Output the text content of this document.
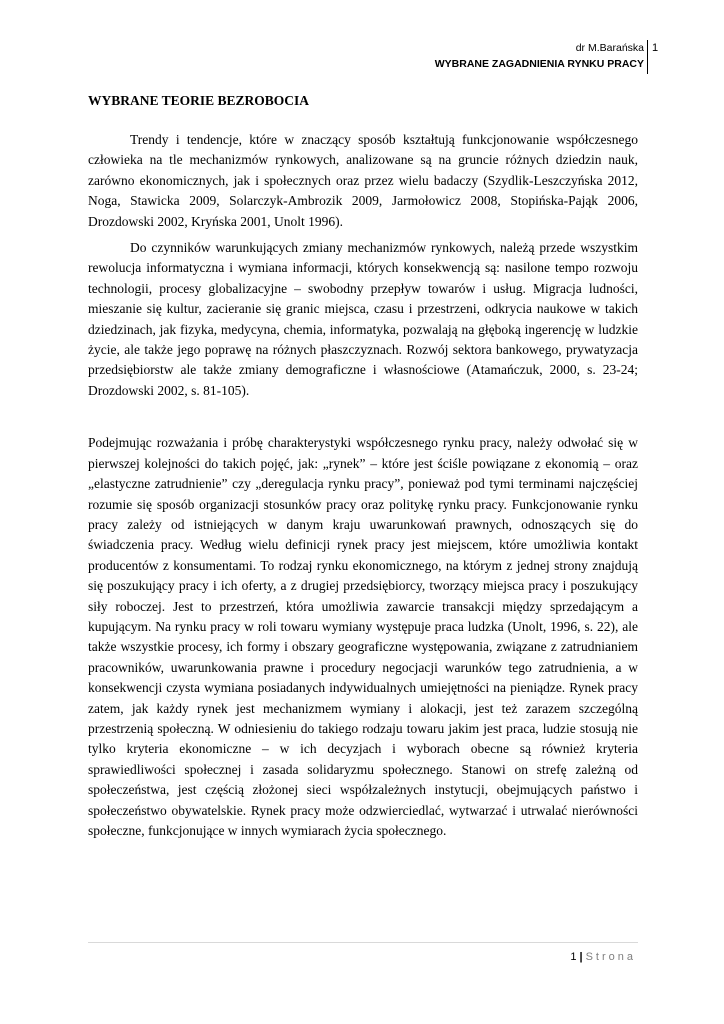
dr M.Barańska
WYBRANE ZAGADNIENIA RYNKU PRACY
1
WYBRANE TEORIE BEZROBOCIA

Trendy i tendencje, które w znaczący sposób kształtują funkcjonowanie współczesnego człowieka na tle mechanizmów rynkowych, analizowane są na gruncie różnych dziedzin nauk, zarówno ekonomicznych, jak i społecznych oraz przez wielu badaczy (Szydlik-Leszczyńska 2012, Noga, Stawicka 2009, Solarczyk-Ambrozik 2009, Jarmołowicz 2008, Stopińska-Pająk 2006, Drozdowski 2002, Kryńska 2001, Unolt 1996).

Do czynników warunkujących zmiany mechanizmów rynkowych, należą przede wszystkim rewolucja informatyczna i wymiana informacji, których konsekwencją są: nasilone tempo rozwoju technologii, procesy globalizacyjne – swobodny przepływ towarów i usług. Migracja ludności, mieszanie się kultur, zacieranie się granic miejsca, czasu i przestrzeni, odkrycia naukowe w takich dziedzinach, jak fizyka, medycyna, chemia, informatyka, pozwalają na głęboką ingerencję w ludzkie życie, ale także jego poprawę na różnych płaszczyznach. Rozwój sektora bankowego, prywatyzacja przedsiębiorstw ale także zmiany demograficzne i własnościowe (Atamańczuk, 2000, s. 23-24; Drozdowski 2002, s. 81-105).

Podejmując rozważania i próbę charakterystyki współczesnego rynku pracy, należy odwołać się w pierwszej kolejności do takich pojęć, jak: „rynek” – które jest ściśle powiązane z ekonomią – oraz „elastyczne zatrudnienie” czy „deregulacja rynku pracy”, ponieważ pod tymi terminami najczęściej rozumie się sposób organizacji stosunków pracy oraz politykę rynku pracy. Funkcjonowanie rynku pracy zależy od istniejących w danym kraju uwarunkowań prawnych, odnoszących się do świadczenia pracy. Według wielu definicji rynek pracy jest miejscem, które umożliwia kontakt producentów z konsumentami. To rodzaj rynku ekonomicznego, na którym z jednej strony znajdują się poszukujący pracy i ich oferty, a z drugiej przedsiębiorcy, tworzący miejsca pracy i poszukujący siły roboczej. Jest to przestrzeń, która umożliwia zawarcie transakcji między sprzedającym a kupującym. Na rynku pracy w roli towaru wymiany występuje praca ludzka (Unolt, 1996, s. 22), ale także wszystkie procesy, ich formy i obszary geograficzne występowania, związane z zatrudnianiem pracowników, uwarunkowania prawne i procedury negocjacji warunków tego zatrudnienia, a w konsekwencji czysta wymiana posiadanych indywidualnych umiejętności na pieniądze. Rynek pracy zatem, jak każdy rynek jest mechanizmem wymiany i alokacji, jest też zarazem szczególną przestrzenią społeczną. W odniesieniu do takiego rodzaju towaru jakim jest praca, ludzie stosują nie tylko kryteria ekonomiczne – w ich decyzjach i wyborach obecne są również kryteria sprawiedliwości społecznej i zasada solidaryzmu społecznego. Stanowi on strefę zależną od społeczeństwa, jest częścią złożonej sieci współzależnych instytucji, obejmujących państwo i społeczeństwo obywatelskie. Rynek pracy może odzwierciedlać, wytwarzać i utrwalać nierówności społeczne, funkcjonujące w innych wymiarach życia społecznego.

1 | Strona
